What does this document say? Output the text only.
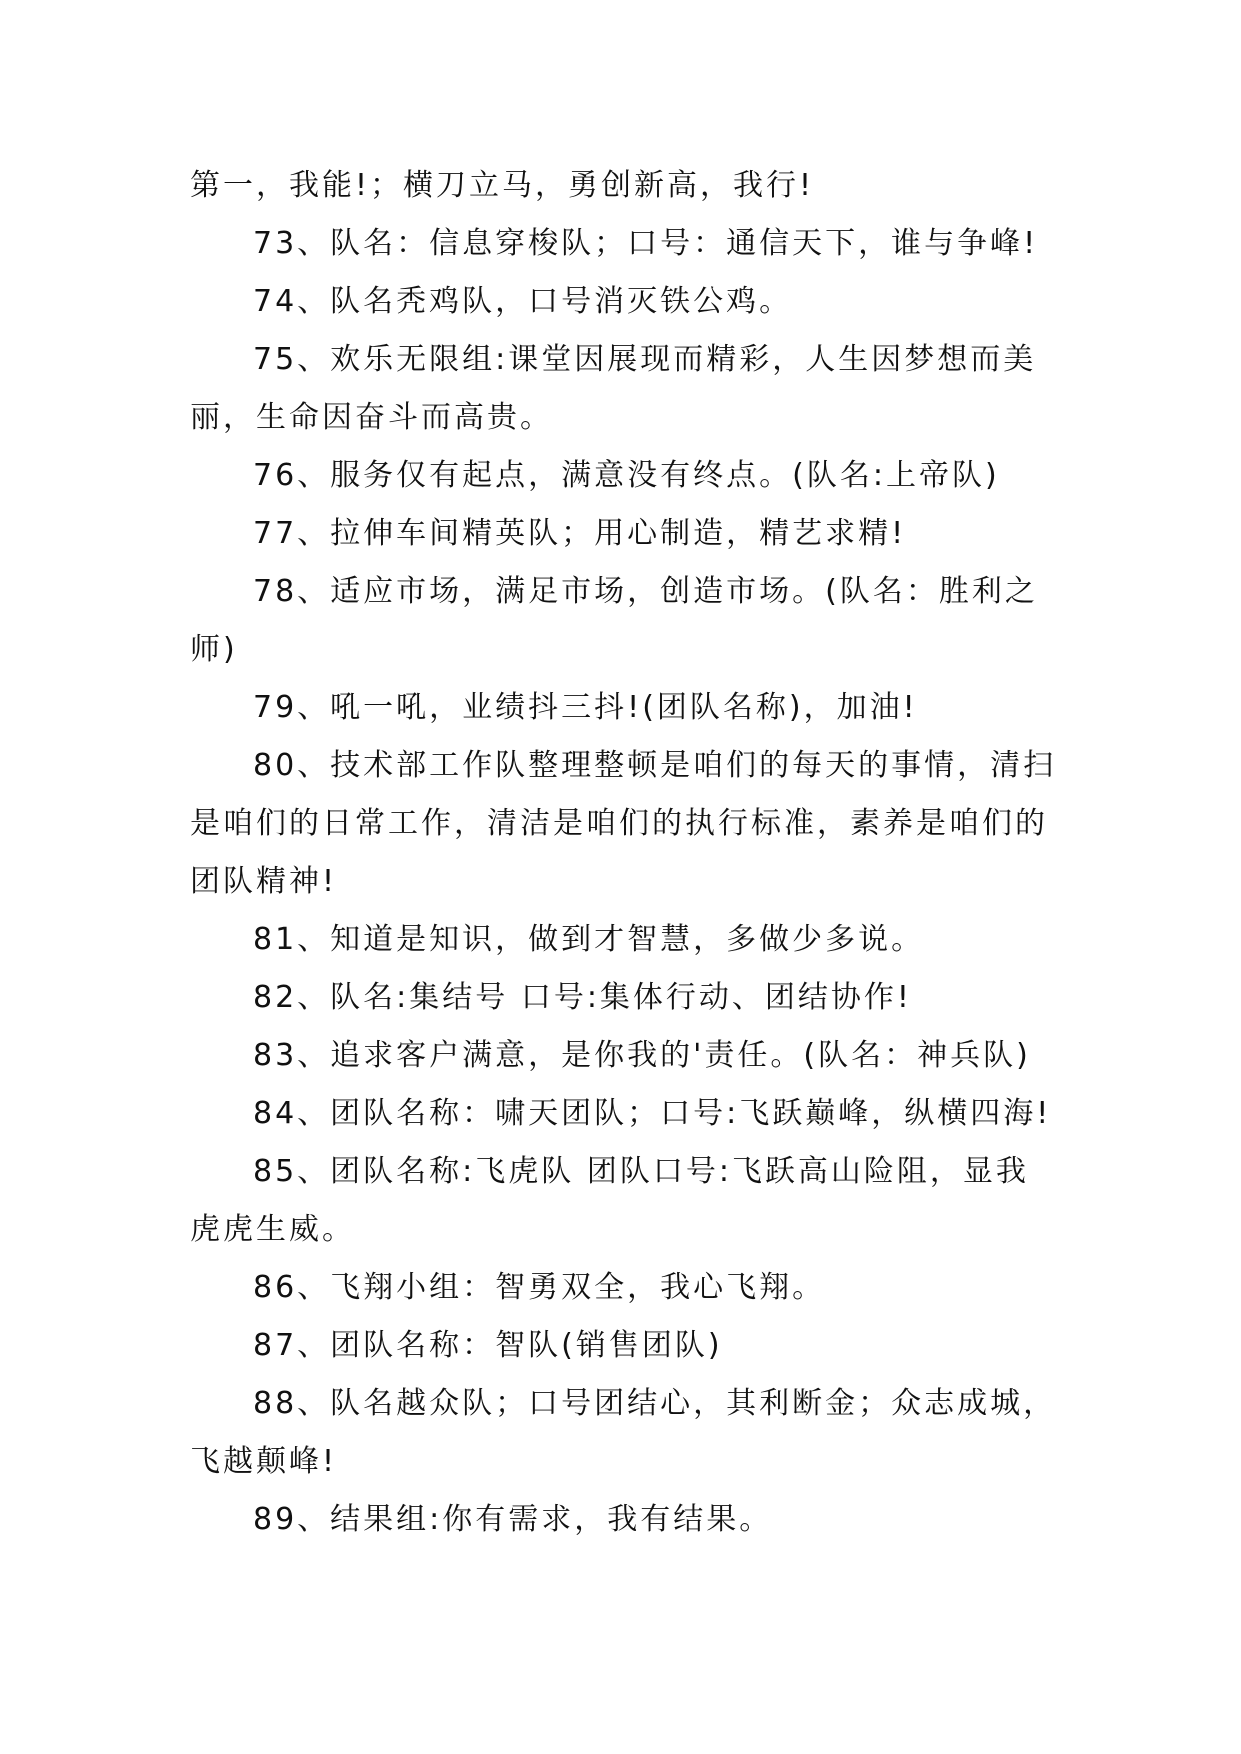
第一，我能!；横刀立马，勇创新高，我行!
73、队名：信息穿梭队；口号：通信天下，谁与争峰!
74、队名秃鸡队，口号消灭铁公鸡。
75、欢乐无限组:课堂因展现而精彩，人生因梦想而美
丽，生命因奋斗而高贵。
76、服务仅有起点，满意没有终点。(队名:上帝队)
77、拉伸车间精英队；用心制造，精艺求精!
78、适应市场，满足市场，创造市场。(队名：胜利之
师)
79、吼一吼，业绩抖三抖!(团队名称)，加油!
80、技术部工作队整理整顿是咱们的每天的事情，清扫
是咱们的日常工作，清洁是咱们的执行标准，素养是咱们的
团队精神!
81、知道是知识，做到才智慧，多做少多说。
82、队名:集结号 口号:集体行动、团结协作!
83、追求客户满意，是你我的'责任。(队名：神兵队)
84、团队名称：啸天团队；口号:飞跃巅峰，纵横四海!
85、团队名称:飞虎队 团队口号:飞跃高山险阻，显我
虎虎生威。
86、飞翔小组：智勇双全，我心飞翔。
87、团队名称：智队(销售团队)
88、队名越众队；口号团结心，其利断金；众志成城，
飞越颠峰!
89、结果组:你有需求，我有结果。
